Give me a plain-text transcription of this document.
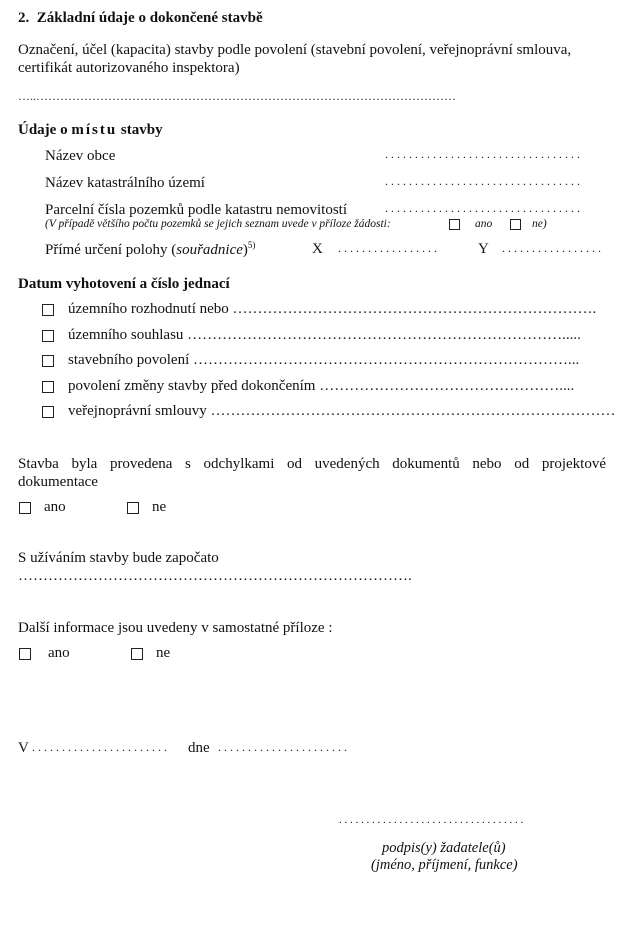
2. Základní údaje o dokončené stavbě
Označení, účel (kapacita) stavby podle povolení (stavební povolení, veřejnoprávní smlouva,
certifikát autorizovaného inspektora)
…..……………………………………………………………………………………………
Údaje o místu stavby
Název obce	. . . . . . . . . . . . . . . . . . . . . . . . . . . . . . . . .
Název katastrálního území	. . . . . . . . . . . . . . . . . . . . . . . . . . . . . . . . .
Parcelní čísla pozemků podle katastru nemovitostí	. . . . . . . . . . . . . . . . . . . . . . . . . . . . . . . . .
(V případě většího počtu pozemků se jejich seznam uvede v příloze žádosti:	ano	ne)
Přímé určení polohy (souřadnice)$^{5)}$	X . . . . . . . . . . . . . . . . .	Y . . . . . . . . . . . . . . . . .
Datum vyhotovení a číslo jednací
územního rozhodnutí nebo ……………………………………………………………….
územního souhlasu ………………………………………………………………….....
stavebního povolení …………………………………………………………………...
povolení změny stavby před dokončením …………………………………………....
veřejnoprávní smlouvy ………………………………………………………………………
Stavba byla provedena s odchylkami od uvedených dokumentů nebo od projektové
dokumentace
ano	ne
S užíváním stavby bude započato
…………………………………………………………………….
Další informace jsou uvedeny v samostatné příloze :
ano	ne
V . . . . . . . . . . . . . . . . . . . . . . . dne . . . . . . . . . . . . . . . . . . . . . .
. . . . . . . . . . . . . . . . . . . . . . . . . . . . . . . . . .
podpis(y) žadatele(ů)
(jméno, příjmení, funkce)
